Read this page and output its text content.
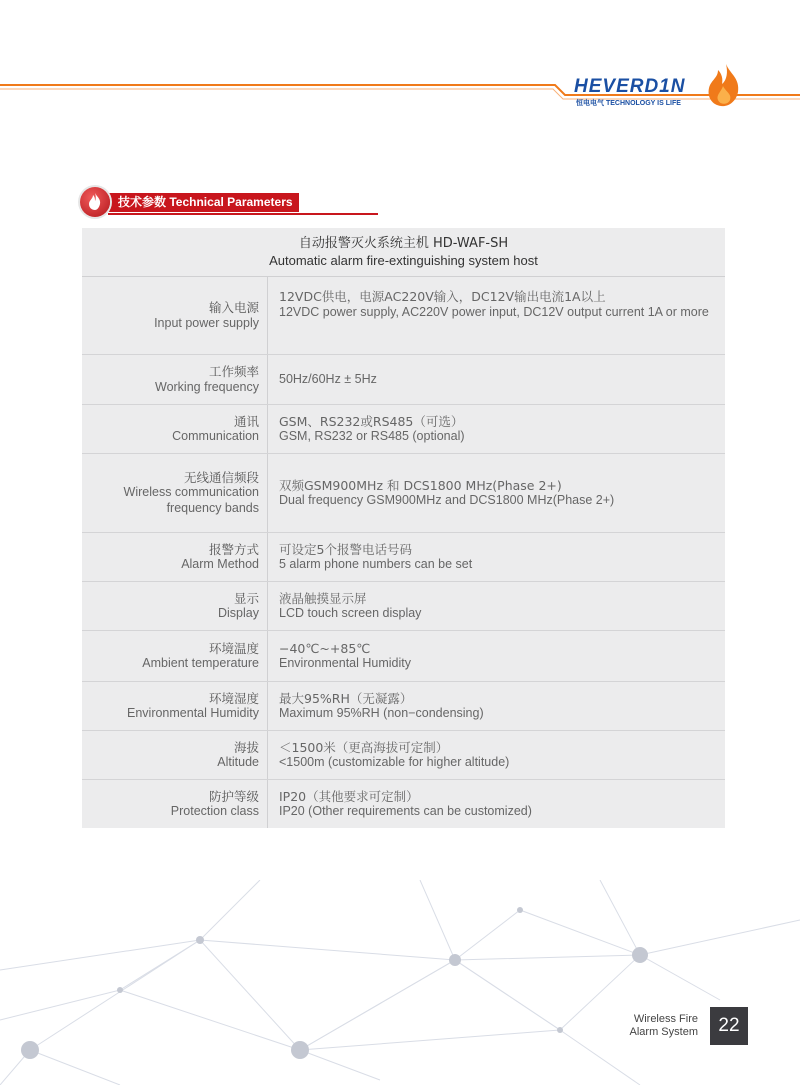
HEVERD1N
恒电电气 TECHNOLOGY IS LIFE
技术参数 Technical Parameters
自动报警灭火系统主机 HD-WAF-SH
Automatic alarm fire-extinguishing system host
输入电源
Input power supply
12VDC供电，电源AC220V输入，DC12V输出电流1A以上
12VDC power supply, AC220V power input, DC12V output current 1A or more
工作频率
Working frequency
50Hz/60Hz ± 5Hz
通讯
Communication
GSM、RS232或RS485（可选）
GSM, RS232 or RS485 (optional)
无线通信频段
Wireless communication frequency bands
双频GSM900MHz 和 DCS1800 MHz(Phase 2+)
Dual frequency GSM900MHz and DCS1800 MHz(Phase 2+)
报警方式
Alarm Method
可设定5个报警电话号码
5 alarm phone numbers can be set
显示
Display
液晶触摸显示屏
LCD touch screen display
环境温度
Ambient temperature
−40℃~+85℃
Environmental Humidity
环境湿度
Environmental Humidity
最大95%RH（无凝露）
Maximum 95%RH (non−condensing)
海拔
Altitude
＜1500米（更高海拔可定制）
<1500m (customizable for higher altitude)
防护等级
Protection class
IP20（其他要求可定制）
IP20 (Other requirements can be customized)
Wireless Fire
Alarm System	22
